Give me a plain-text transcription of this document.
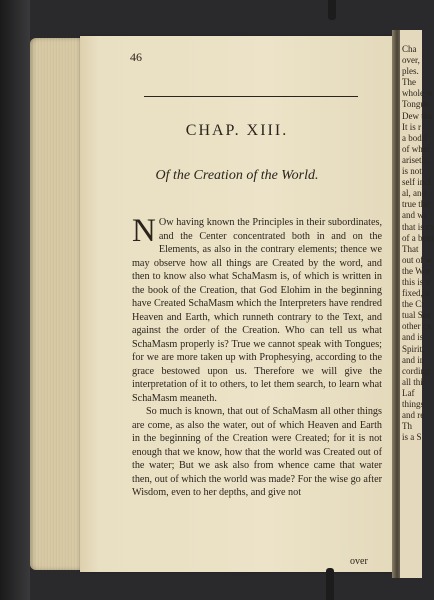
46
CHAP. XIII.
Of the Creation of the World.

N Ow having known the Principles in their subordinates, and the Center concentrated both in and on the Elements, as also in the contrary elements; thence we may observe how all things are Created by the word, and then to know also what SchaMasm is, of which is written in the book of the Creation, that God Elohim in the beginning have Created SchaMasm which the Interpreters have rendred Heaven and Earth, which runneth contrary to the Text, and against the order of the Creation. Who can tell us what SchaMasm properly is? True we cannot speak with Tongues; for we are more taken up with Prophesying, according to the grace bestowed upon us. Therefore we will give the interpretation of it to others, to let them search, to learn what SchaMasm meaneth.

So much is known, that out of SchaMasm all other things are come, as also the water, out of which Heaven and Earth in the beginning of the Creation were Created; for it is not enough that we know, how that the world was Created out of the water; But we ask also from whence came that water then, out of which the world was made? For the wise go after Wisdom, even to her depths, and give not

over
Cha
over,
ples.
The
whole w
Tongue
Dew tha
It is r
a bodil
of what
ariseth,
is not
self incl
al, and
true the
and wi
that is ca
of a bein
That
out of w
the Wor
this is v
fixed, o
the Cr
tual See
other ca
and is
Spirit,
and in
cording
all thir
Laf
things
and re
Th
is a S
